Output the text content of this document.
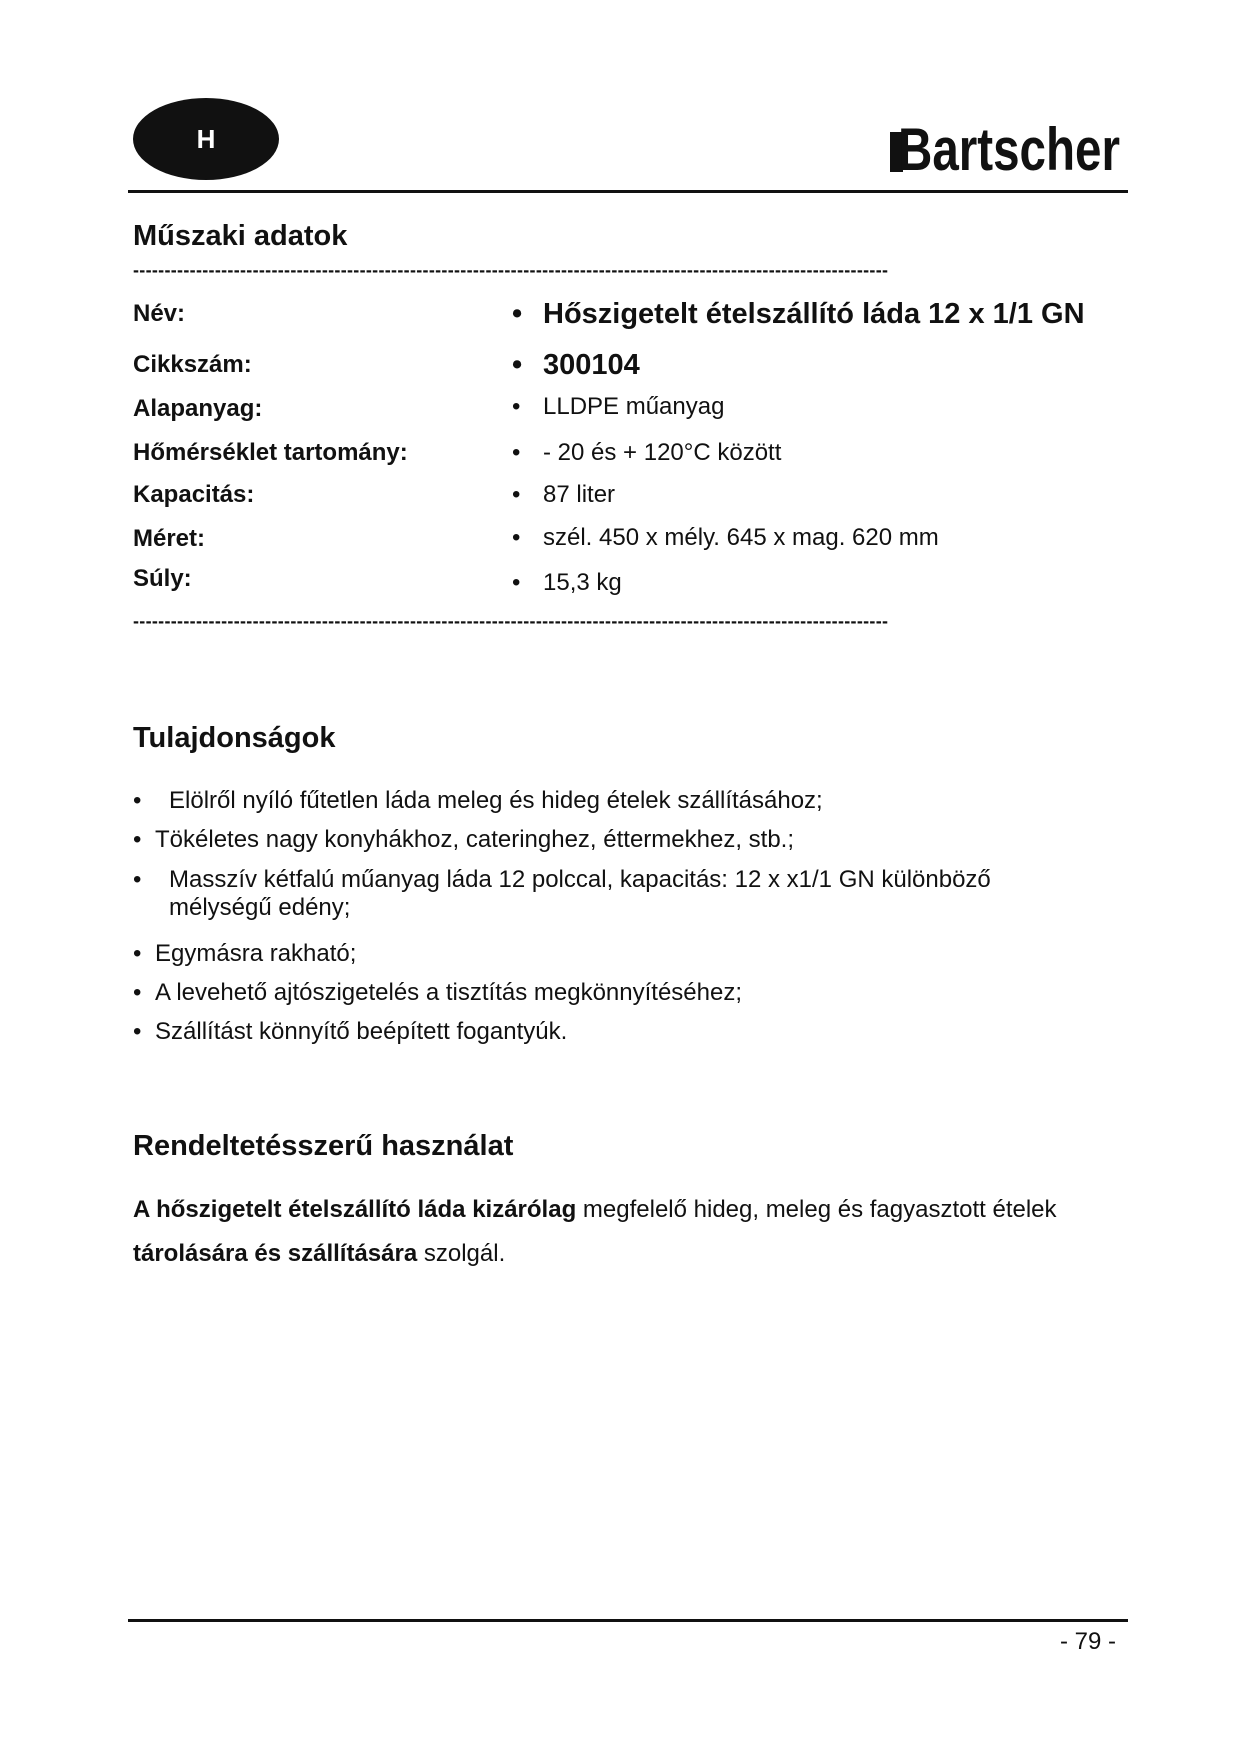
H	Bartscher
Műszaki adatok
------------------------------------------------------------------------------------------------------------------------
Név:	• Hőszigetelt ételszállító láda 12 x 1/1 GN
Cikkszám:	• 300104
Alapanyag:	• LLDPE műanyag
Hőmérséklet tartomány:	• - 20 és + 120°C között
Kapacitás:	• 87 liter
Méret:	• szél. 450 x mély. 645 x mag. 620 mm
Súly:	• 15,3 kg
------------------------------------------------------------------------------------------------------------------------
Tulajdonságok
•	Elölről nyíló fűtetlen láda meleg és hideg ételek szállításához;
• Tökéletes nagy konyhákhoz, cateringhez, éttermekhez, stb.;
•	Masszív kétfalú műanyag láda 12 polccal, kapacitás: 12 x x1/1 GN különböző mélységű edény;
• Egymásra rakható;
• A levehető ajtószigetelés a tisztítás megkönnyítéséhez;
• Szállítást könnyítő beépített fogantyúk.
Rendeltetésszerű használat
A hőszigetelt ételszállító láda kizárólag megfelelő hideg, meleg és fagyasztott ételek
tárolására és szállítására szolgál.
- 79 -
